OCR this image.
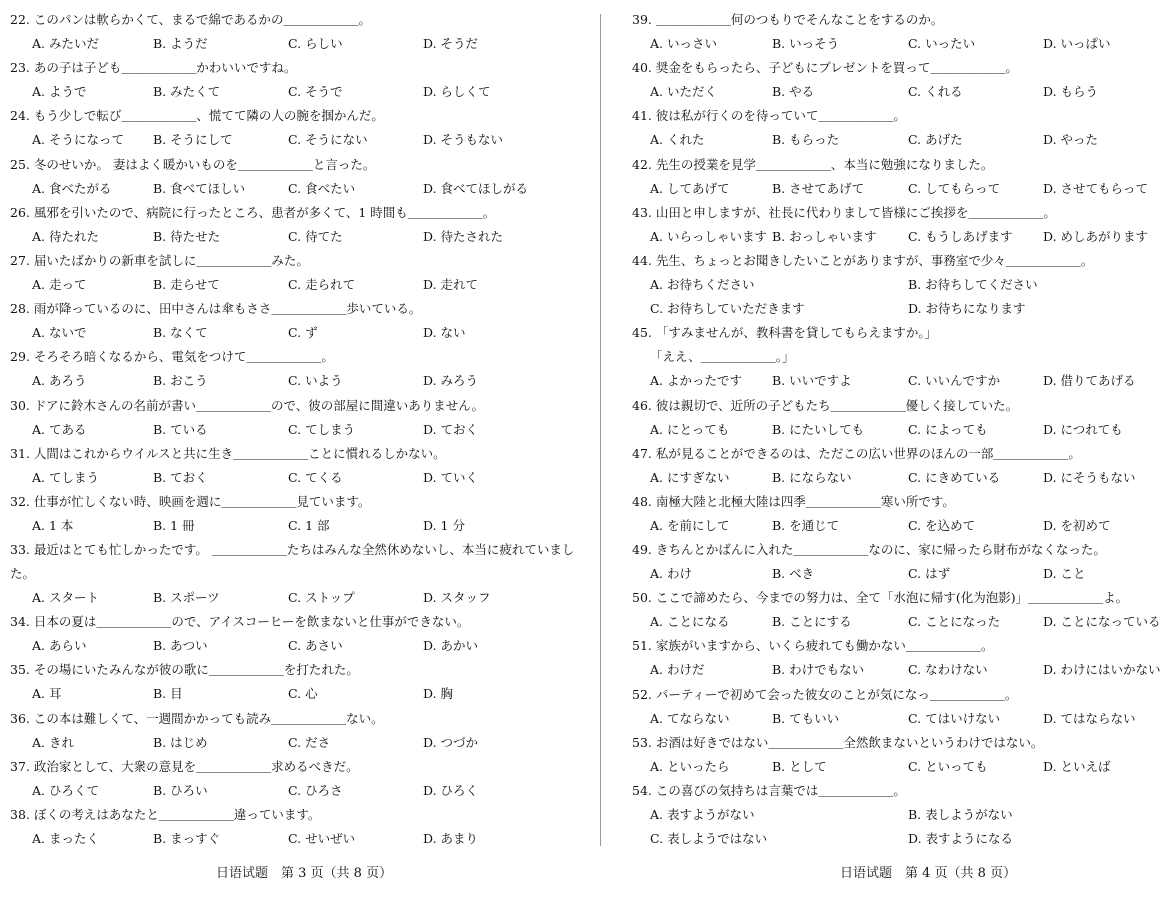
22. このパンは軟らかくて、まるで綿であるかの＿＿＿＿＿＿。
A. みたいだ	B. ようだ	C. らしい	D. そうだ
23. あの子は子ども＿＿＿＿＿＿かわいいですね。
A. ようで	B. みたくて	C. そうで	D. らしくて
24. もう少しで転び＿＿＿＿＿＿、慌てて隣の人の腕を掴かんだ。
A. そうになって B. そうにして	C. そうにない	D. そうもない
25. 冬のせいか。 妻はよく暖かいものを＿＿＿＿＿＿と言った。
A. 食べたがる	B. 食べてほしい	C. 食べたい	D. 食べてほしがる
26. 風邪を引いたので、病院に行ったところ、患者が多くて、1 時間も＿＿＿＿＿＿。
A. 待たれた	B. 待たせた	C. 待てた	D. 待たされた
27. 届いたばかりの新車を試しに＿＿＿＿＿＿みた。
A. 走って	B. 走らせて	C. 走られて	D. 走れて
28. 雨が降っているのに、田中さんは傘もささ＿＿＿＿＿＿歩いている。
A. ないで	B. なくて	C. ず	D. ない
29. そろそろ暗くなるから、電気をつけて＿＿＿＿＿＿。
A. あろう	B. おこう	C. いよう	D. みろう
30. ドアに鈴木さんの名前が書い＿＿＿＿＿＿ので、彼の部屋に間違いありません。
A. てある	B. ている	C. てしまう	D. ておく
31. 人間はこれからウイルスと共に生き＿＿＿＿＿＿ことに慣れるしかない。
A. てしまう	B. ておく	C. てくる	D. ていく
32. 仕事が忙しくない時、映画を週に＿＿＿＿＿＿見ています。
A. 1 本	B. 1 冊	C. 1 部	D. 1 分
33. 最近はとても忙しかったです。 ＿＿＿＿＿＿たちはみんな全然休めないし、本当に疲れていました。
A. スタート	B. スポーツ	C. ストップ	D. スタッフ
34. 日本の夏は＿＿＿＿＿＿ので、アイスコーヒーを飲まないと仕事ができない。
A. あらい	B. あつい	C. あさい	D. あかい
35. その場にいたみんなが彼の歌に＿＿＿＿＿＿を打たれた。
A. 耳	B. 目	C. 心	D. 胸
36. この本は難しくて、一週間かかっても読み＿＿＿＿＿＿ない。
A. きれ	B. はじめ	C. ださ	D. つづか
37. 政治家として、大衆の意見を＿＿＿＿＿＿求めるべきだ。
A. ひろくて	B. ひろい	C. ひろさ	D. ひろく
38. ぼくの考えはあなたと＿＿＿＿＿＿違っています。
A. まったく	B. まっすぐ	C. せいぜい	D. あまり
39. ＿＿＿＿＿＿何のつもりでそんなことをするのか。
A. いっさい	B. いっそう	C. いったい	D. いっぱい
40. 奨金をもらったら、子どもにプレゼントを買って＿＿＿＿＿＿。
A. いただく	B. やる	C. くれる	D. もらう
41. 彼は私が行くのを待っていて＿＿＿＿＿＿。
A. くれた	B. もらった	C. あげた	D. やった
42. 先生の授業を見学＿＿＿＿＿＿、本当に勉強になりました。
A. してあげて	B. させてあげて	C. してもらって	D. させてもらって
43. 山田と申しますが、社長に代わりまして皆様にご挨拶を＿＿＿＿＿＿。
A. いらっしゃいます B. おっしゃいます	C. もうしあげます D. めしあがります
44. 先生、ちょっとお聞きしたいことがありますが、事務室で少々＿＿＿＿＿＿。
A. お待ちください	B. お待ちしてください
C. お待ちしていただきます	D. お待ちになります
45. 「すみませんが、教科書を貸してもらえますか。」
「ええ、＿＿＿＿＿＿。」
A. よかったです B. いいですよ	C. いいんですか	D. 借りてあげる
46. 彼は親切で、近所の子どもたち＿＿＿＿＿＿優しく接していた。
A. にとっても	B. にたいしても	C. によっても	D. につれても
47. 私が見ることができるのは、ただこの広い世界のほんの一部＿＿＿＿＿＿。
A. にすぎない	B. にならない	C. にきめている	D. にそうもない
48. 南極大陸と北極大陸は四季＿＿＿＿＿＿寒い所です。
A. を前にして	B. を通じて	C. を込めて	D. を初めて
49. きちんとかばんに入れた＿＿＿＿＿＿なのに、家に帰ったら財布がなくなった。
A. わけ	B. べき	C. はず	D. こと
50. ここで諦めたら、今までの努力は、全て「水泡に帰す(化为泡影)」＿＿＿＿＿＿よ。
A. ことになる	B. ことにする	C. ことになった	D. ことになっている
51. 家族がいますから、いくら疲れても働かない＿＿＿＿＿＿。
A. わけだ	B. わけでもない	C. なわけない	D. わけにはいかない
52. パーティーで初めて会った彼女のことが気になっ＿＿＿＿＿＿。
A. てならない	B. てもいい	C. てはいけない	D. てはならない
53. お酒は好きではない＿＿＿＿＿＿全然飲まないというわけではない。
A. といったら	B. として	C. といっても	D. といえば
54. この喜びの気持ちは言葉では＿＿＿＿＿＿。
A. 表すようがない	B. 表しようがない
C. 表しようではない	D. 表すようになる
日语试题　第 3 页（共 8 页）	日语试题　第 4 页（共 8 页）
